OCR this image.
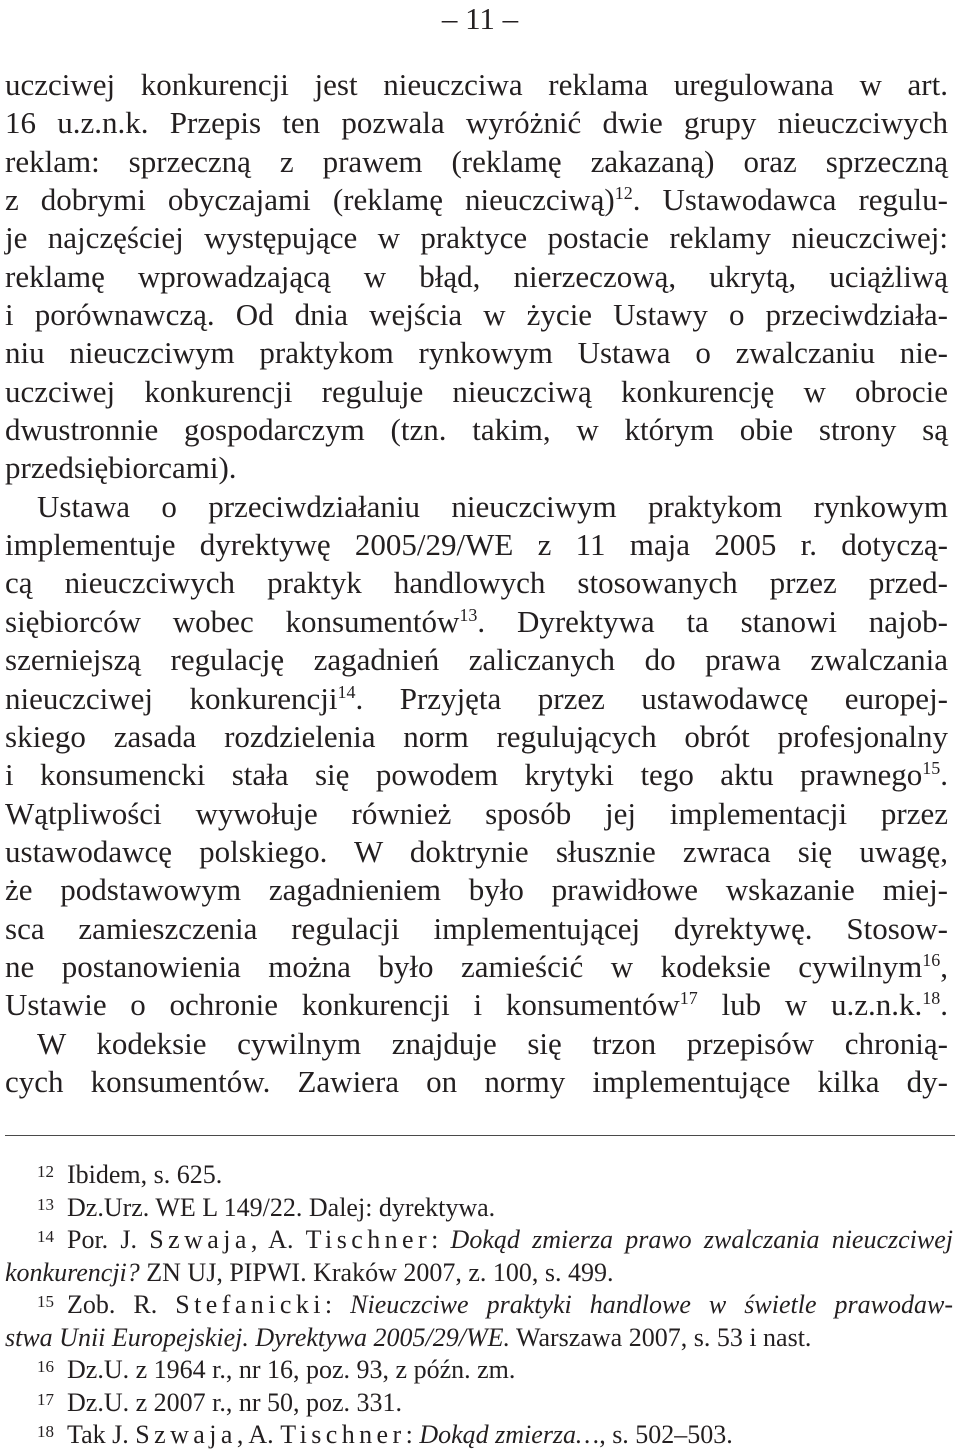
– 11 –
uczciwej konkurencji jest nieuczciwa reklama uregulowana w art.
16 u.z.n.k. Przepis ten pozwala wyróżnić dwie grupy nieuczciwych
reklam: sprzeczną z prawem (reklamę zakazaną) oraz sprzeczną
z dobrymi obyczajami (reklamę nieuczciwą)$^{12}$. Ustawodawca regulu-
je najczęściej występujące w praktyce postacie reklamy nieuczciwej:
reklamę wprowadzającą w błąd, nierzeczową, ukrytą, uciążliwą
i porównawczą. Od dnia wejścia w życie Ustawy o przeciwdziała-
niu nieuczciwym praktykom rynkowym Ustawa o zwalczaniu nie-
uczciwej konkurencji reguluje nieuczciwą konkurencję w obrocie
dwustronnie gospodarczym (tzn. takim, w którym obie strony są
przedsiębiorcami).
Ustawa o przeciwdziałaniu nieuczciwym praktykom rynkowym
implementuje dyrektywę 2005/29/WE z 11 maja 2005 r. dotyczą-
cą nieuczciwych praktyk handlowych stosowanych przez przed-
siębiorców wobec konsumentów$^{13}$. Dyrektywa ta stanowi najob-
szerniejszą regulację zagadnień zaliczanych do prawa zwalczania
nieuczciwej konkurencji$^{14}$. Przyjęta przez ustawodawcę europej-
skiego zasada rozdzielenia norm regulujących obrót profesjonalny
i konsumencki stała się powodem krytyki tego aktu prawnego$^{15}$.
Wątpliwości wywołuje również sposób jej implementacji przez
ustawodawcę polskiego. W doktrynie słusznie zwraca się uwagę,
że podstawowym zagadnieniem było prawidłowe wskazanie miej-
sca zamieszczenia regulacji implementującej dyrektywę. Stosow-
ne postanowienia można było zamieścić w kodeksie cywilnym$^{16}$,
Ustawie o ochronie konkurencji i konsumentów$^{17}$ lub w u.z.n.k.$^{18}$.
W kodeksie cywilnym znajduje się trzon przepisów chronią-
cych konsumentów. Zawiera on normy implementujące kilka dy-
12 Ibidem, s. 625.
13 Dz.Urz. WE L 149/22. Dalej: dyrektywa.
14 Por. J. Szwaja, A. Tischner: Dokąd zmierza prawo zwalczania nieuczciwej
konkurencji? ZN UJ, PIPWI. Kraków 2007, z. 100, s. 499.
15 Zob. R. Stefanicki: Nieuczciwe praktyki handlowe w świetle prawodaw-
stwa Unii Europejskiej. Dyrektywa 2005/29/WE. Warszawa 2007, s. 53 i nast.
16 Dz.U. z 1964 r., nr 16, poz. 93, z późn. zm.
17 Dz.U. z 2007 r., nr 50, poz. 331.
18 Tak J. Szwaja, A. Tischner: Dokąd zmierza…, s. 502–503.
